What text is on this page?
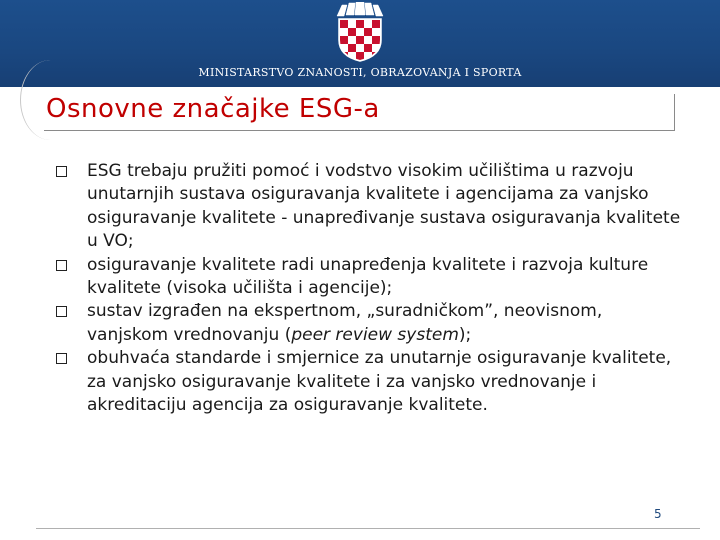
MINISTARSTVO ZNANOSTI, OBRAZOVANJA I SPORTA
Osnovne značajke ESG-a
ESG trebaju pružiti pomoć i vodstvo visokim učilištima u razvoju unutarnjih sustava osiguravanja kvalitete i agencijama za vanjsko osiguravanje kvalitete - unapređivanje sustava osiguravanja kvalitete u VO;
osiguravanje kvalitete radi unapređenja kvalitete i razvoja kulture kvalitete (visoka učilišta i agencije);
sustav izgrađen na ekspertnom, „suradničkom”, neovisnom, vanjskom vrednovanju (peer review system);
obuhvaća standarde i smjernice za unutarnje osiguravanje kvalitete, za vanjsko osiguravanje kvalitete i za vanjsko vrednovanje i akreditaciju agencija za osiguravanje kvalitete.
5
